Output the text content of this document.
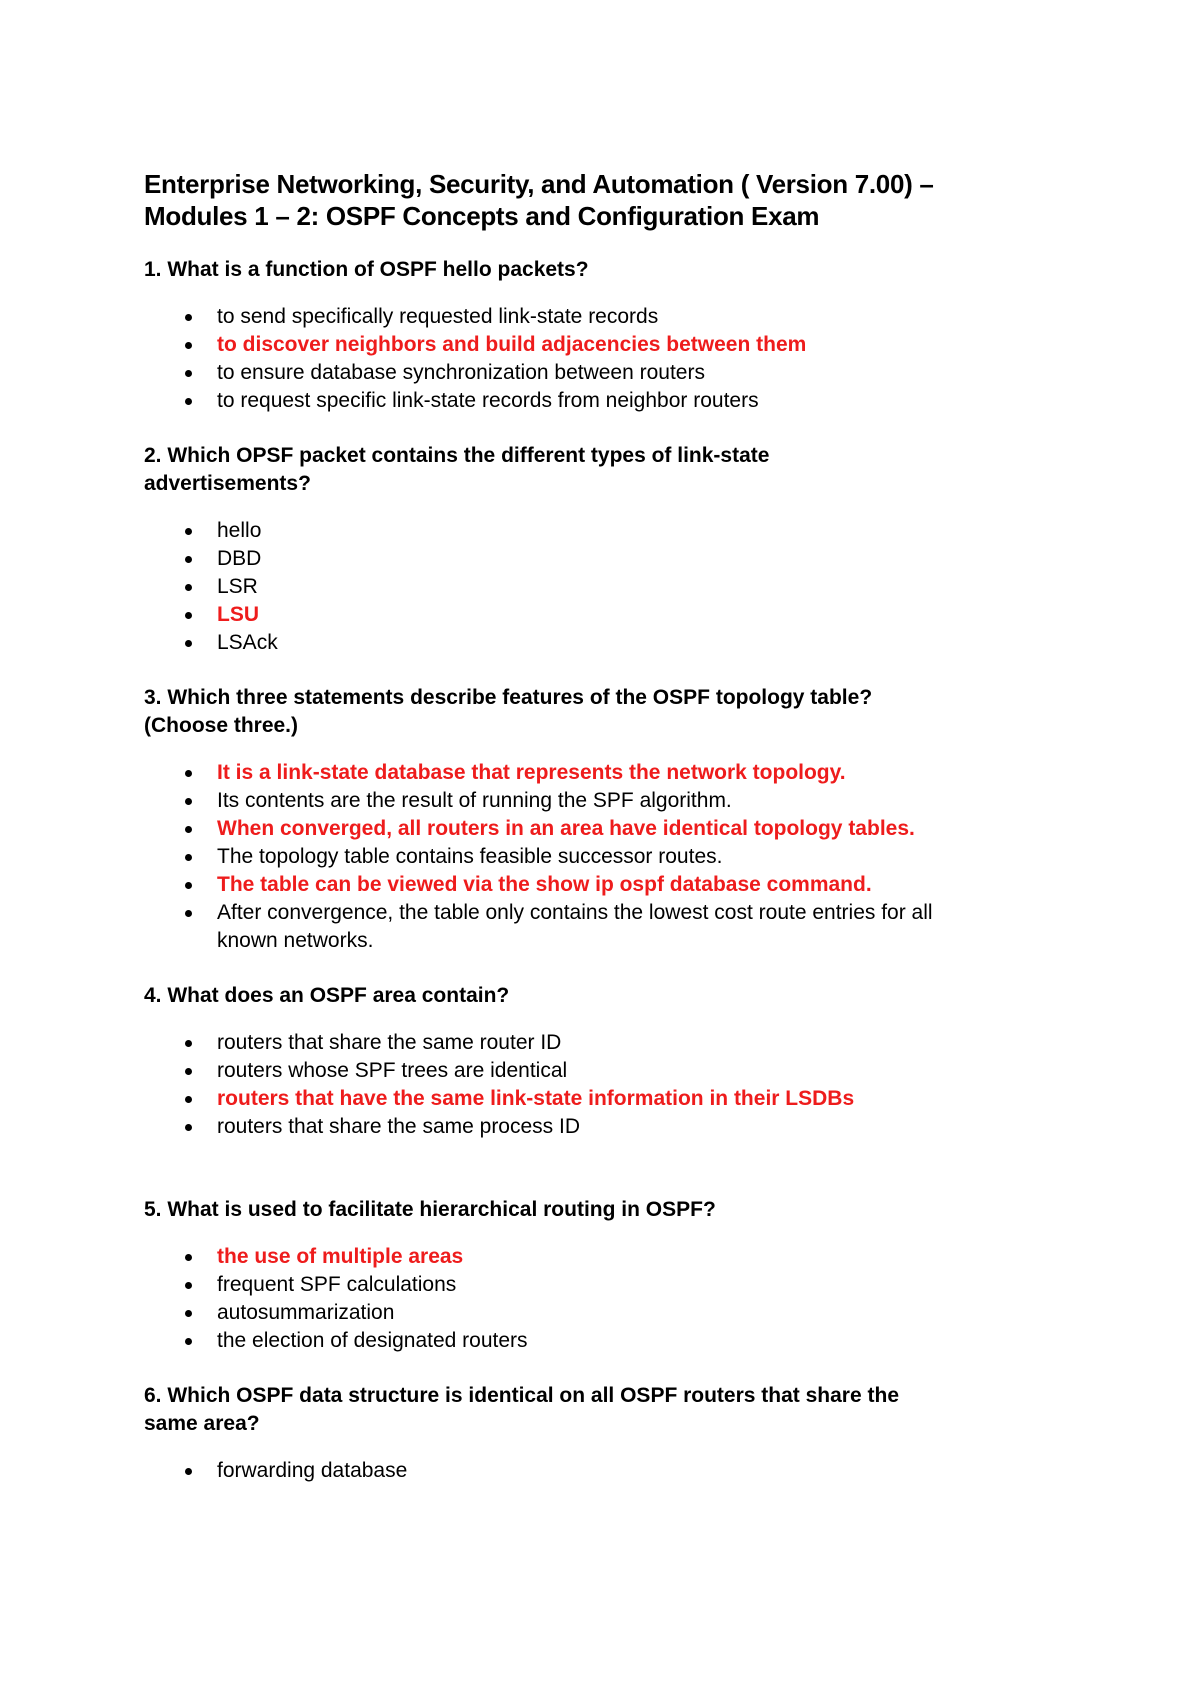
Enterprise Networking, Security, and Automation ( Version 7.00) –
Modules 1 – 2: OSPF Concepts and Configuration Exam
1. What is a function of OSPF hello packets?
to send specifically requested link-state records
to discover neighbors and build adjacencies between them
to ensure database synchronization between routers
to request specific link-state records from neighbor routers
2. Which OPSF packet contains the different types of link-state
advertisements?
hello
DBD
LSR
LSU
LSAck
3. Which three statements describe features of the OSPF topology table?
(Choose three.)
It is a link-state database that represents the network topology.
Its contents are the result of running the SPF algorithm.
When converged, all routers in an area have identical topology tables.
The topology table contains feasible successor routes.
The table can be viewed via the show ip ospf database command.
After convergence, the table only contains the lowest cost route entries for all
known networks.
4. What does an OSPF area contain?
routers that share the same router ID
routers whose SPF trees are identical
routers that have the same link-state information in their LSDBs
routers that share the same process ID
5. What is used to facilitate hierarchical routing in OSPF?
the use of multiple areas
frequent SPF calculations
autosummarization
the election of designated routers
6. Which OSPF data structure is identical on all OSPF routers that share the
same area?
forwarding database
